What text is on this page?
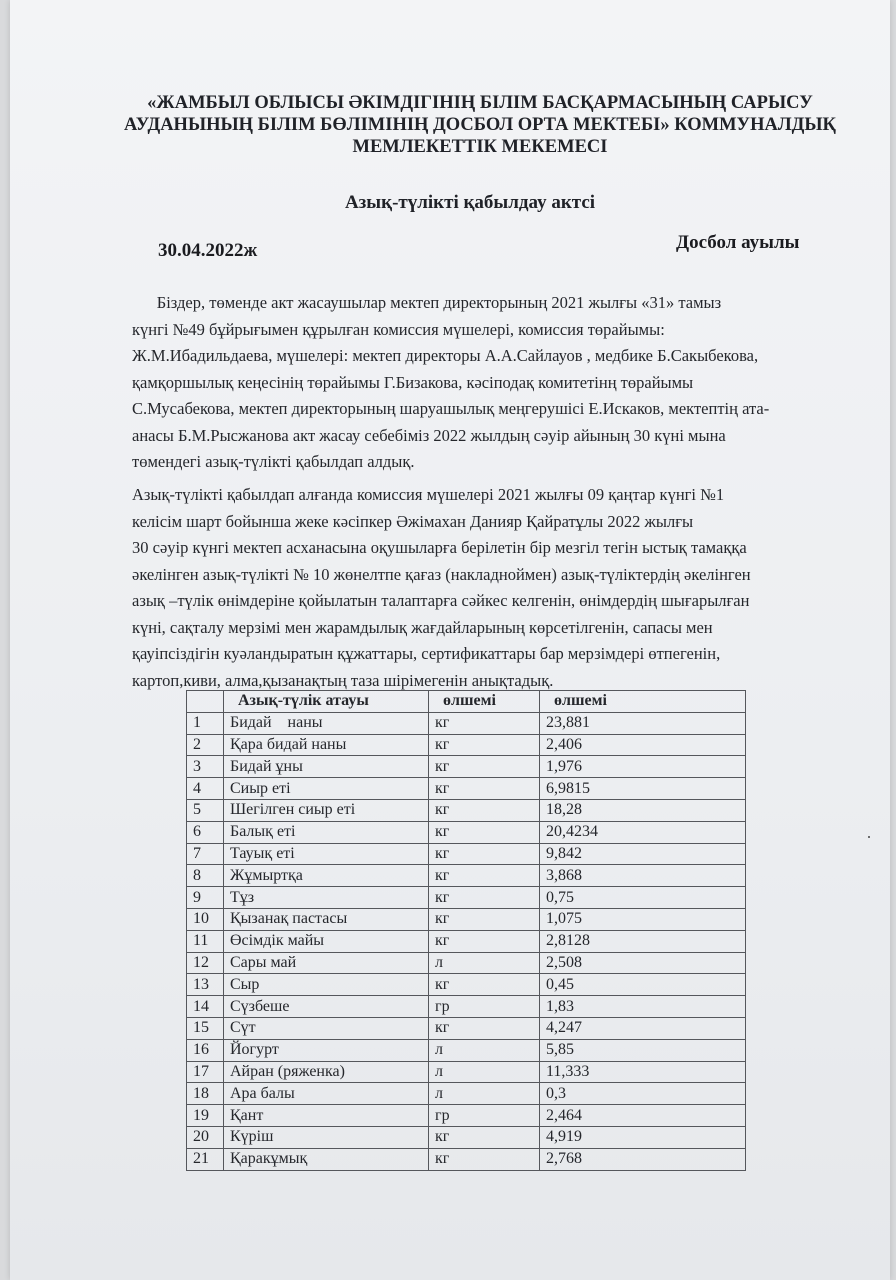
«ЖАМБЫЛ ОБЛЫСЫ ӘКІМДІГІНІҢ БІЛІМ БАСҚАРМАСЫНЫҢ САРЫСУ
АУДАНЫНЫҢ БІЛІМ БӨЛІМІНІҢ ДОСБОЛ ОРТА МЕКТЕБІ» КОММУНАЛДЫҚ
МЕМЛЕКЕТТІК МЕКЕМЕСІ
Азық-түлікті қабылдау актсі
30.04.2022ж	Досбол ауылы
Біздер, төменде акт жасаушылар мектеп директорының 2021 жылғы «31» тамыз
күнгі №49 бұйрығымен құрылған комиссия мүшелері, комиссия төрайымы:
Ж.М.Ибадильдаева, мүшелері: мектеп директоры А.А.Сайлауов , медбике Б.Сакыбекова,
қамқоршылық кеңесінің төрайымы Г.Бизакова, кәсіподақ комитетінң төрайымы
С.Мусабекова, мектеп директорының шаруашылық меңгерушісі Е.Искаков, мектептің ата-
анасы Б.М.Рысжанова акт жасау себебіміз 2022 жылдың сәуір айының 30 күні мына
төмендегі азық-түлікті қабылдап алдық.
Азық-түлікті қабылдап алғанда комиссия мүшелері 2021 жылғы 09 қаңтар күнгі №1
келісім шарт бойынша жеке кәсіпкер Әжімахан Данияр Қайратұлы 2022 жылғы
30 сәуір күнгі мектеп асханасына оқушыларға берілетін бір мезгіл тегін ыстық тамаққа
әкелінген азық-түлікті № 10 жөнелтпе қағаз (накладноймен) азық-түліктердің әкелінген
азық –түлік өнімдеріне қойылатын талаптарға сәйкес келгенін, өнімдердің шығарылған
күні, сақталу мерзімі мен жарамдылық жағдайларының көрсетілгенін, сапасы мен
қауіпсіздігін куәландыратын құжаттары, сертификаттары бар мерзімдері өтпегенін,
картоп,киви, алма,қызанақтың таза шірімегенін анықтадық.
	Азық-түлік атауы	өлшемі	өлшемі
1	Бидай    наны	кг	23,881
2	Қара бидай наны	кг	2,406
3	Бидай ұны	кг	1,976
4	Сиыр еті	кг	6,9815
5	Шегілген сиыр еті	кг	18,28
6	Балық еті	кг	20,4234
7	Тауық еті	кг	9,842
8	Жұмыртқа	кг	3,868
9	Тұз	кг	0,75
10	Қызанақ пастасы	кг	1,075
11	Өсімдік майы	кг	2,8128
12	Сары май	л	2,508
13	Сыр	кг	0,45
14	Сүзбеше	гр	1,83
15	Сүт	кг	4,247
16	Йогурт	л	5,85
17	Айран (ряженка)	л	11,333
18	Ара балы	л	0,3
19	Қант	гр	2,464
20	Күріш	кг	4,919
21	Қаракұмық	кг	2,768
